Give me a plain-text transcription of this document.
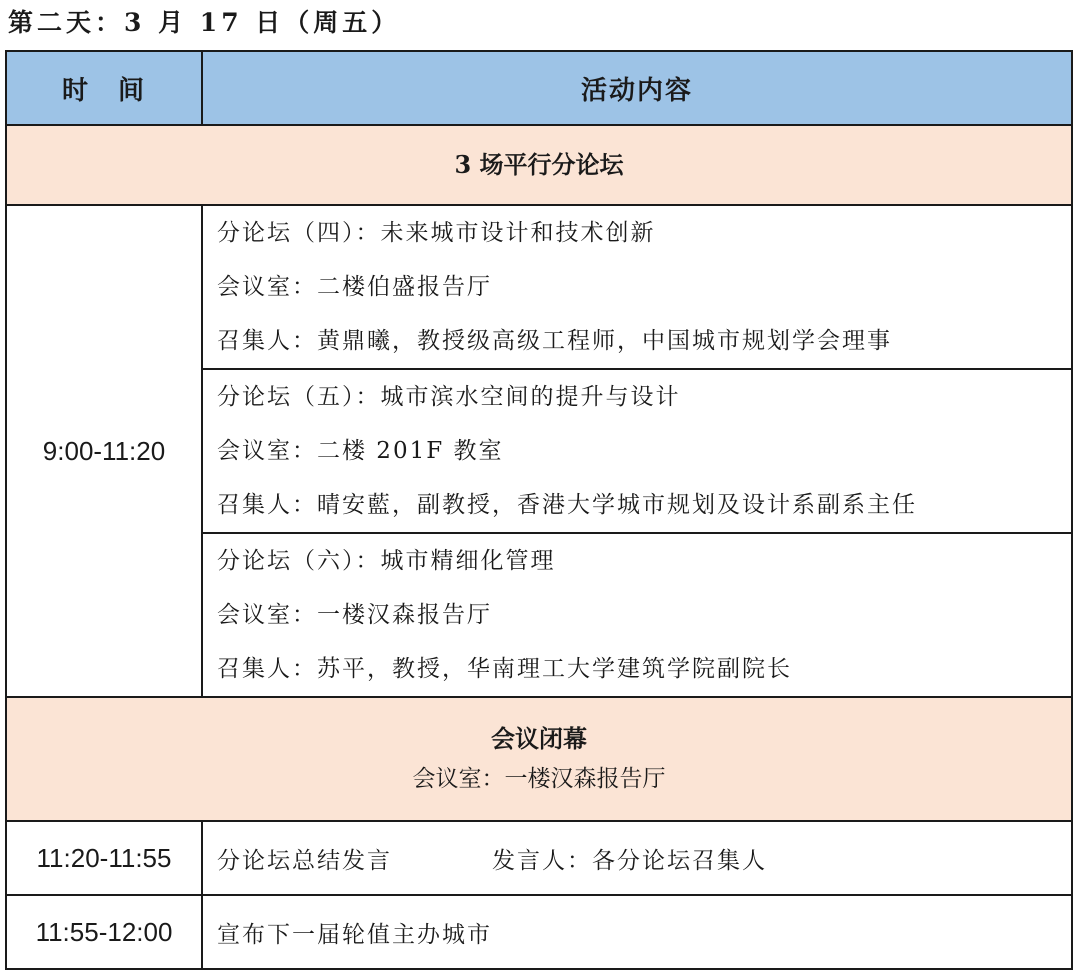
第二天：3 月 17 日（周五）
时　间	活动内容

3 场平行分论坛	

9:00-11:20	分论坛（四）：未来城市设计和技术创新
会议室：二楼伯盛报告厅
召集人：黄鼎曦，教授级高级工程师，中国城市规划学会理事

	分论坛（五）：城市滨水空间的提升与设计
会议室：二楼 201F 教室
召集人：晴安藍，副教授，香港大学城市规划及设计系副系主任

	分论坛（六）：城市精细化管理
会议室：一楼汉森报告厅
召集人：苏平，教授，华南理工大学建筑学院副院长

会议闭幕
会议室：一楼汉森报告厅	

11:20-11:55	分论坛总结发言 发言人：各分论坛召集人
11:55-12:00	宣布下一届轮值主办城市
